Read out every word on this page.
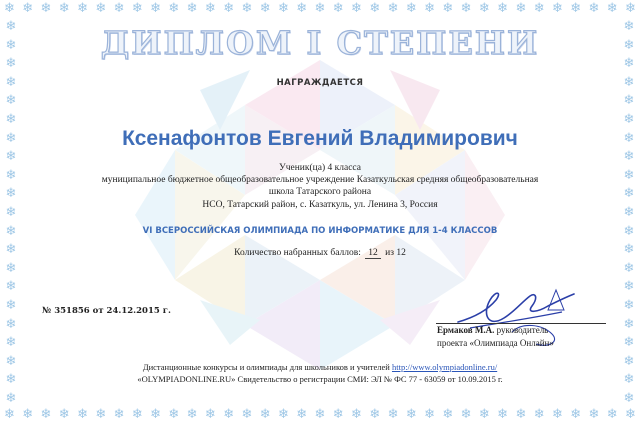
❄ ❄ ❄ ❄ ❄ ❄ ❄ ❄ ❄ ❄ ❄ ❄ ❄ ❄ ❄ ❄ ❄ ❄ ❄ ❄ ❄ ❄ ❄ ❄ ❄ ❄ ❄ ❄ ❄ ❄ ❄ ❄ ❄ ❄ ❄
❄ ❄ ❄ ❄ ❄ ❄ ❄ ❄ ❄ ❄ ❄ ❄ ❄ ❄ ❄ ❄ ❄ ❄ ❄ ❄ ❄ ❄ ❄ ❄ ❄ ❄ ❄ ❄ ❄ ❄ ❄ ❄ ❄ ❄ ❄
❄
❄
❄
❄
❄
❄
❄
❄
❄
❄
❄
❄
❄
❄
❄
❄
❄
❄
❄
❄
❄
❄
❄
❄
❄
❄
❄
❄
❄
❄
❄
❄
❄
❄
❄
❄
❄
❄
❄
❄
❄
❄
ДИПЛОМ I СТЕПЕНИ
НАГРАЖДАЕТСЯ
Ксенафонтов Евгений Владимирович
Ученик(ца) 4 класса
муниципальное бюджетное общеобразовательное учреждение Казаткульская средняя общеобразовательная
школа Татарского района
НСО, Татарский район, с. Казаткуль, ул. Ленина 3, Россия
VI ВСЕРОССИЙСКАЯ ОЛИМПИАДА ПО ИНФОРМАТИКЕ ДЛЯ 1-4 КЛАССОВ
Количество набранных баллов: 12 из 12
№ 351856 от 24.12.2015 г.
Ермаков М.А. руководитель
проекта «Олимпиада Онлайн»
Дистанционные конкурсы и олимпиады для школьников и учителей http://www.olympiadonline.ru/
«OLYMPIADONLINE.RU» Свидетельство о регистрации СМИ: ЭЛ № ФС 77 - 63059 от 10.09.2015 г.
